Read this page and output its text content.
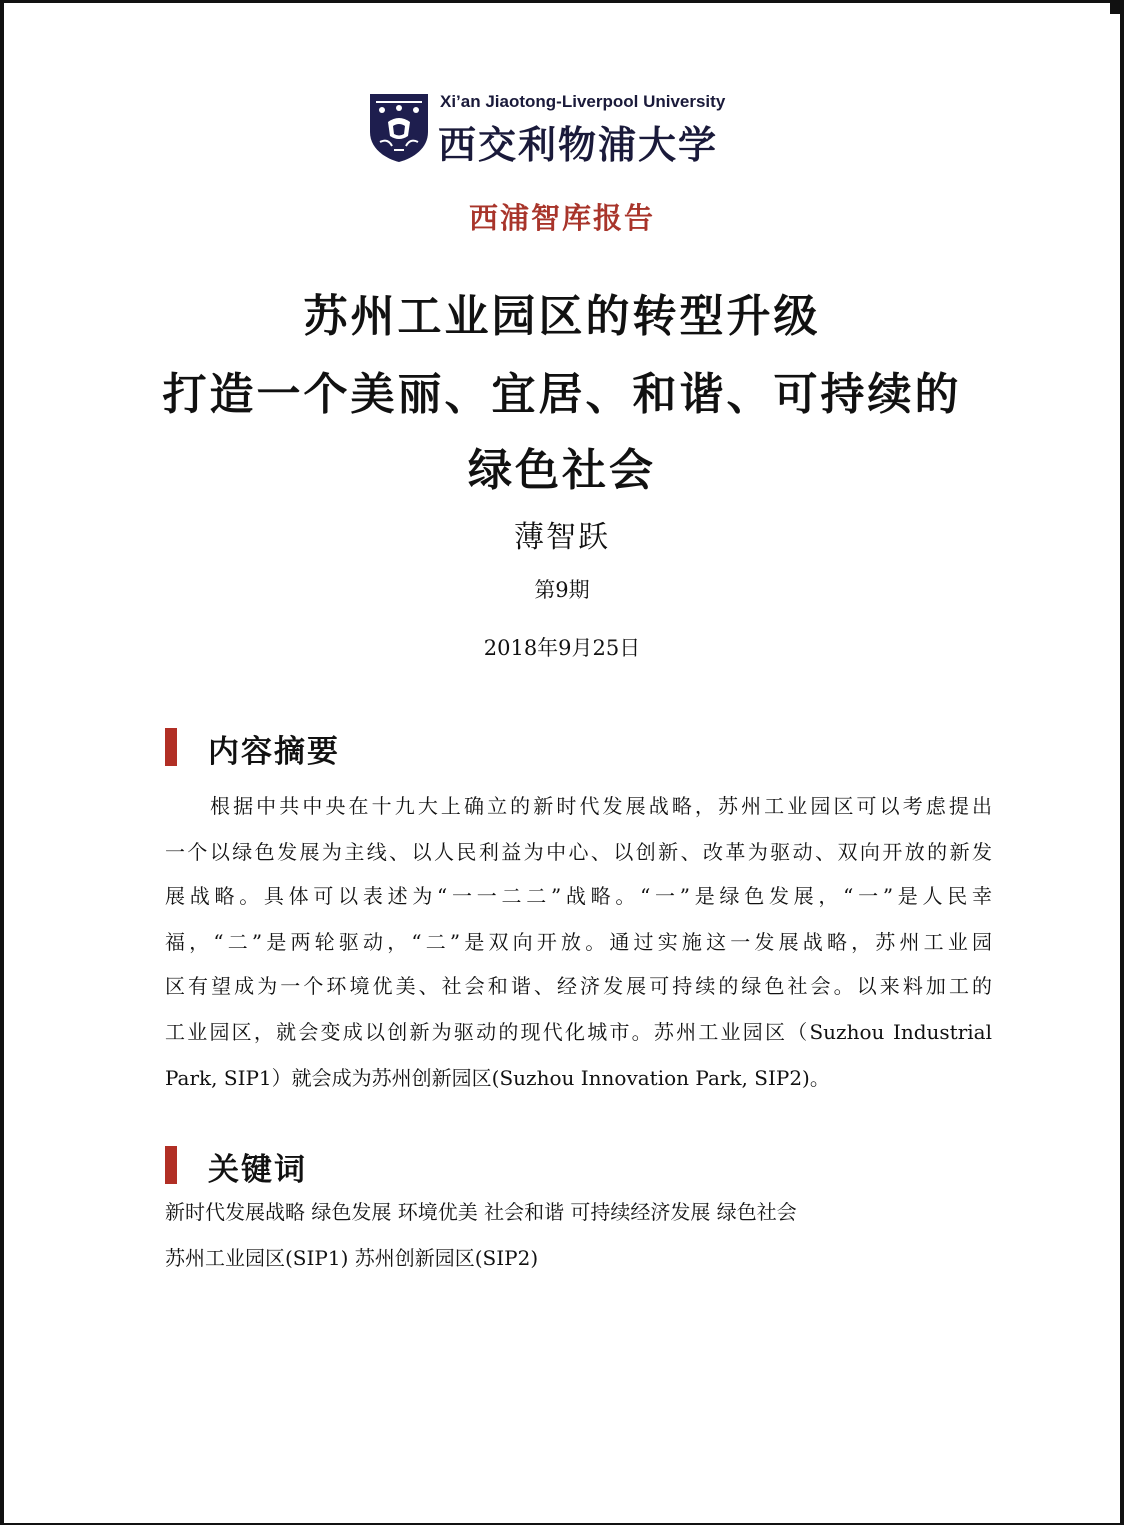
Xi’an Jiaotong-Liverpool University
西交利物浦大学
西浦智库报告
苏州工业园区的转型升级
打造一个美丽、宜居、和谐、可持续的
绿色社会
薄智跃
第9期
2018年9月25日
内容摘要
根据中共中央在十九大上确立的新时代发展战略，苏州工业园区可以考虑提出
一个以绿色发展为主线、以人民利益为中心、以创新、改革为驱动、双向开放的新发
展战略。具体可以表述为“一一二二”战略。“一”是绿色发展，“一”是人民幸
福，“二”是两轮驱动，“二”是双向开放。通过实施这一发展战略，苏州工业园
区有望成为一个环境优美、社会和谐、经济发展可持续的绿色社会。以来料加工的
工业园区，就会变成以创新为驱动的现代化城市。苏州工业园区（Suzhou Industrial
Park, SIP1）就会成为苏州创新园区(Suzhou Innovation Park, SIP2)。
关键词
新时代发展战略 绿色发展 环境优美 社会和谐 可持续经济发展 绿色社会
苏州工业园区(SIP1) 苏州创新园区(SIP2)
